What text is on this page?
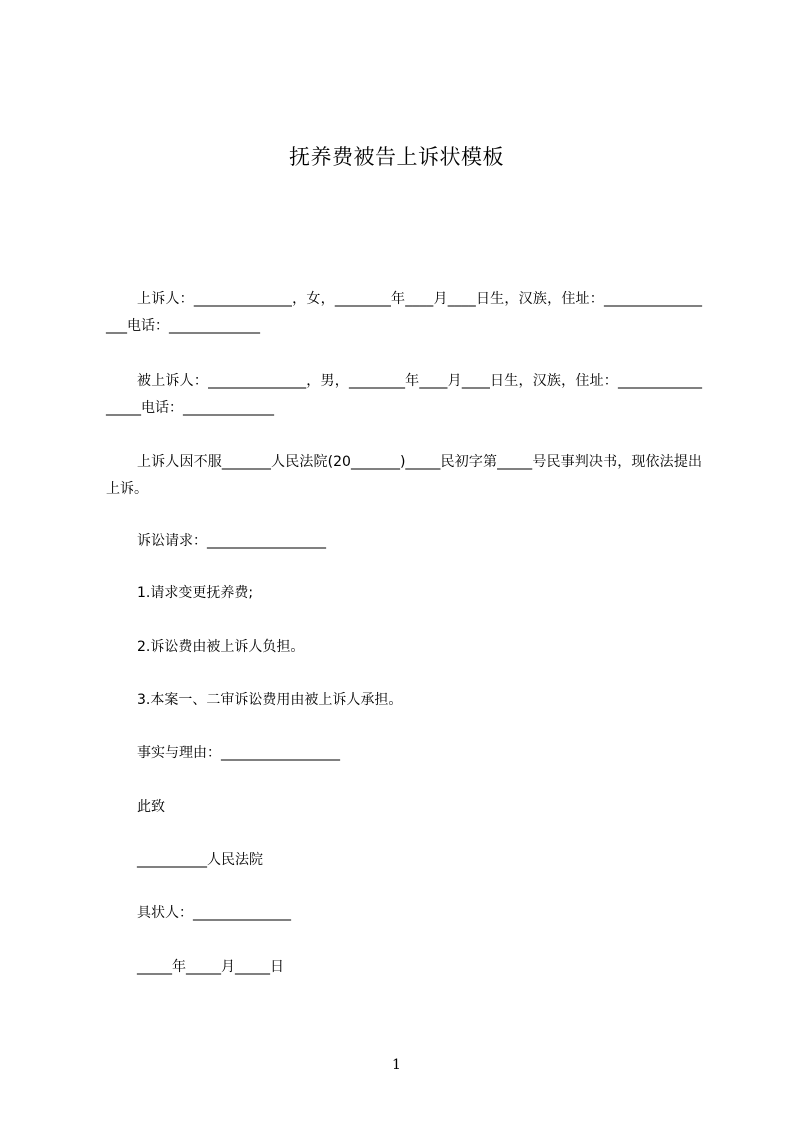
抚养费被告上诉状模板
上诉人：______________，女，________年____月____日生，汉族，住址：_________________电话：_____________
被上诉人：______________，男，________年____月____日生，汉族，住址：_________________电话：_____________
上诉人因不服_______人民法院(20_______)_____民初字第_____号民事判决书，现依法提出上诉。
诉讼请求：_________________
1.请求变更抚养费;
2.诉讼费由被上诉人负担。
3.本案一、二审诉讼费用由被上诉人承担。
事实与理由：_________________
此致
__________人民法院
具状人：______________
_____年_____月_____日
1
